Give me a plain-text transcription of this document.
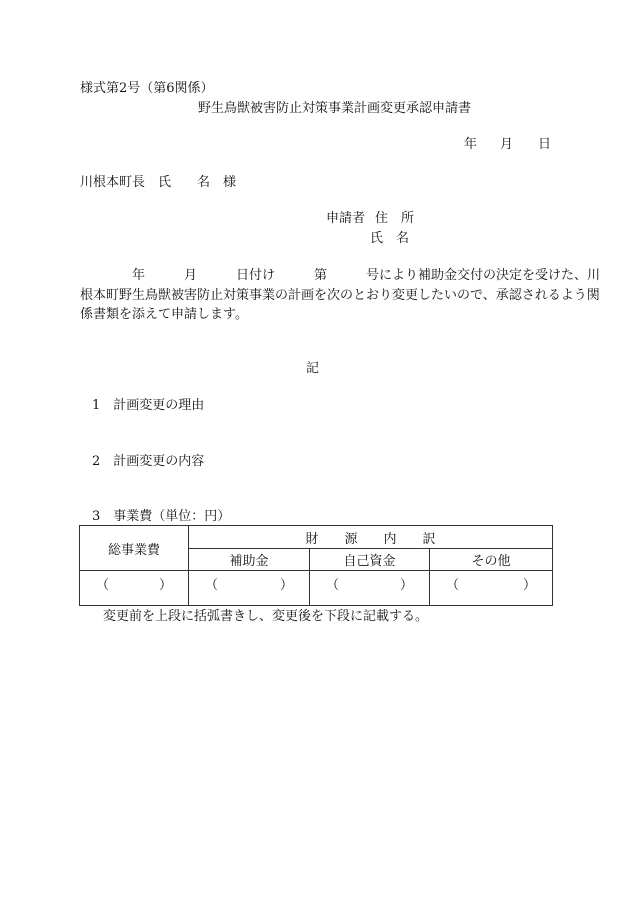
様式第2号（第6関係）
野生鳥獣被害防止対策事業計画変更承認申請書
年 月 日
川根本町長　氏　　名　様
申請者 住　所
氏　名

　　　　年　　　月　　　日付け　　　第　　　号により補助金交付の決定を受けた、川

根本町野生鳥獣被害防止対策事業の計画を次のとおり変更したいので、承認されるよう関

係書類を添えて申請します。

記
1　計画変更の理由
2　計画変更の内容
3　事業費（単位：円）
総事業費	財　　源　　内　　訳		
	補助金	自己資金	その他

（ ）	（ ）	（ ）	（ ）
変更前を上段に括弧書きし、変更後を下段に記載する。
